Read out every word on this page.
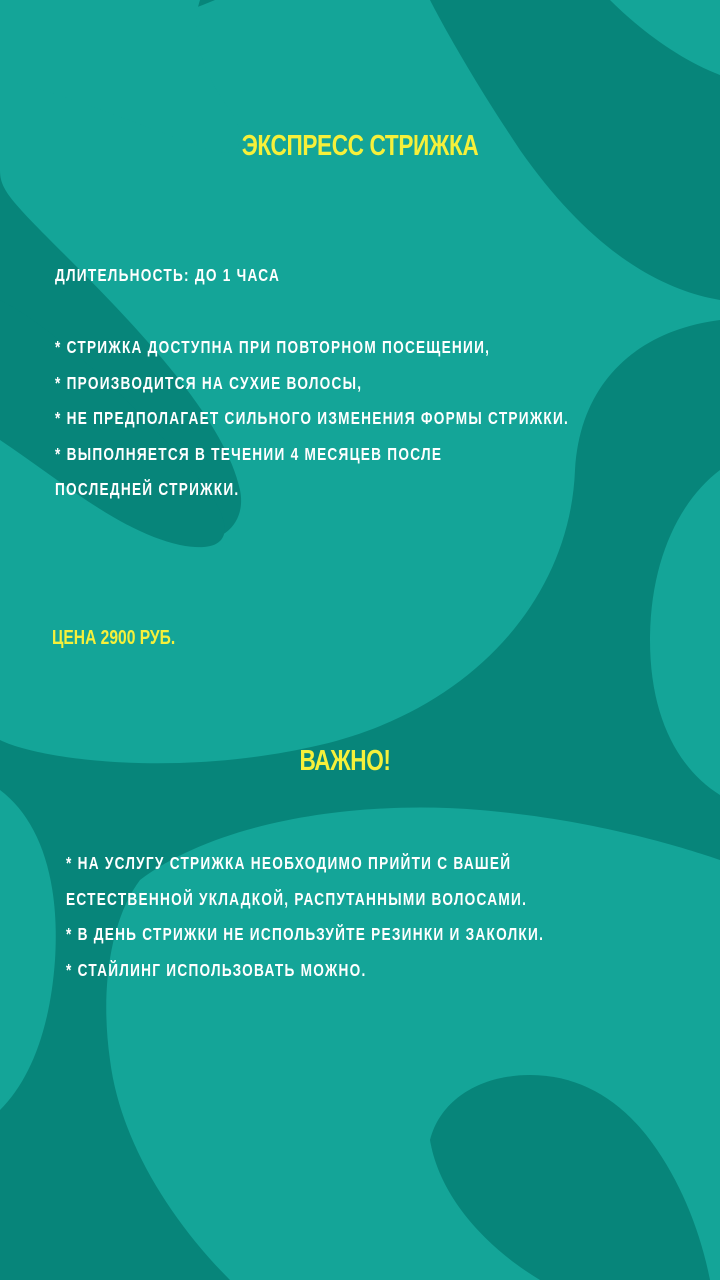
ЭКСПРЕСС СТРИЖКА
ДЛИТЕЛЬНОСТЬ: ДО 1 ЧАСА
* СТРИЖКА ДОСТУПНА ПРИ ПОВТОРНОМ ПОСЕЩЕНИИ,
* ПРОИЗВОДИТСЯ НА СУХИЕ ВОЛОСЫ,
* НЕ ПРЕДПОЛАГАЕТ СИЛЬНОГО ИЗМЕНЕНИЯ ФОРМЫ СТРИЖКИ.
* ВЫПОЛНЯЕТСЯ В ТЕЧЕНИИ 4 МЕСЯЦЕВ ПОСЛЕ
ПОСЛЕДНЕЙ СТРИЖКИ.
ЦЕНА 2900 РУБ.
ВАЖНО!
* НА УСЛУГУ СТРИЖКА НЕОБХОДИМО ПРИЙТИ С ВАШЕЙ
ЕСТЕСТВЕННОЙ УКЛАДКОЙ, РАСПУТАННЫМИ ВОЛОСАМИ.
* В ДЕНЬ СТРИЖКИ НЕ ИСПОЛЬЗУЙТЕ РЕЗИНКИ И ЗАКОЛКИ.
* СТАЙЛИНГ ИСПОЛЬЗОВАТЬ МОЖНО.
